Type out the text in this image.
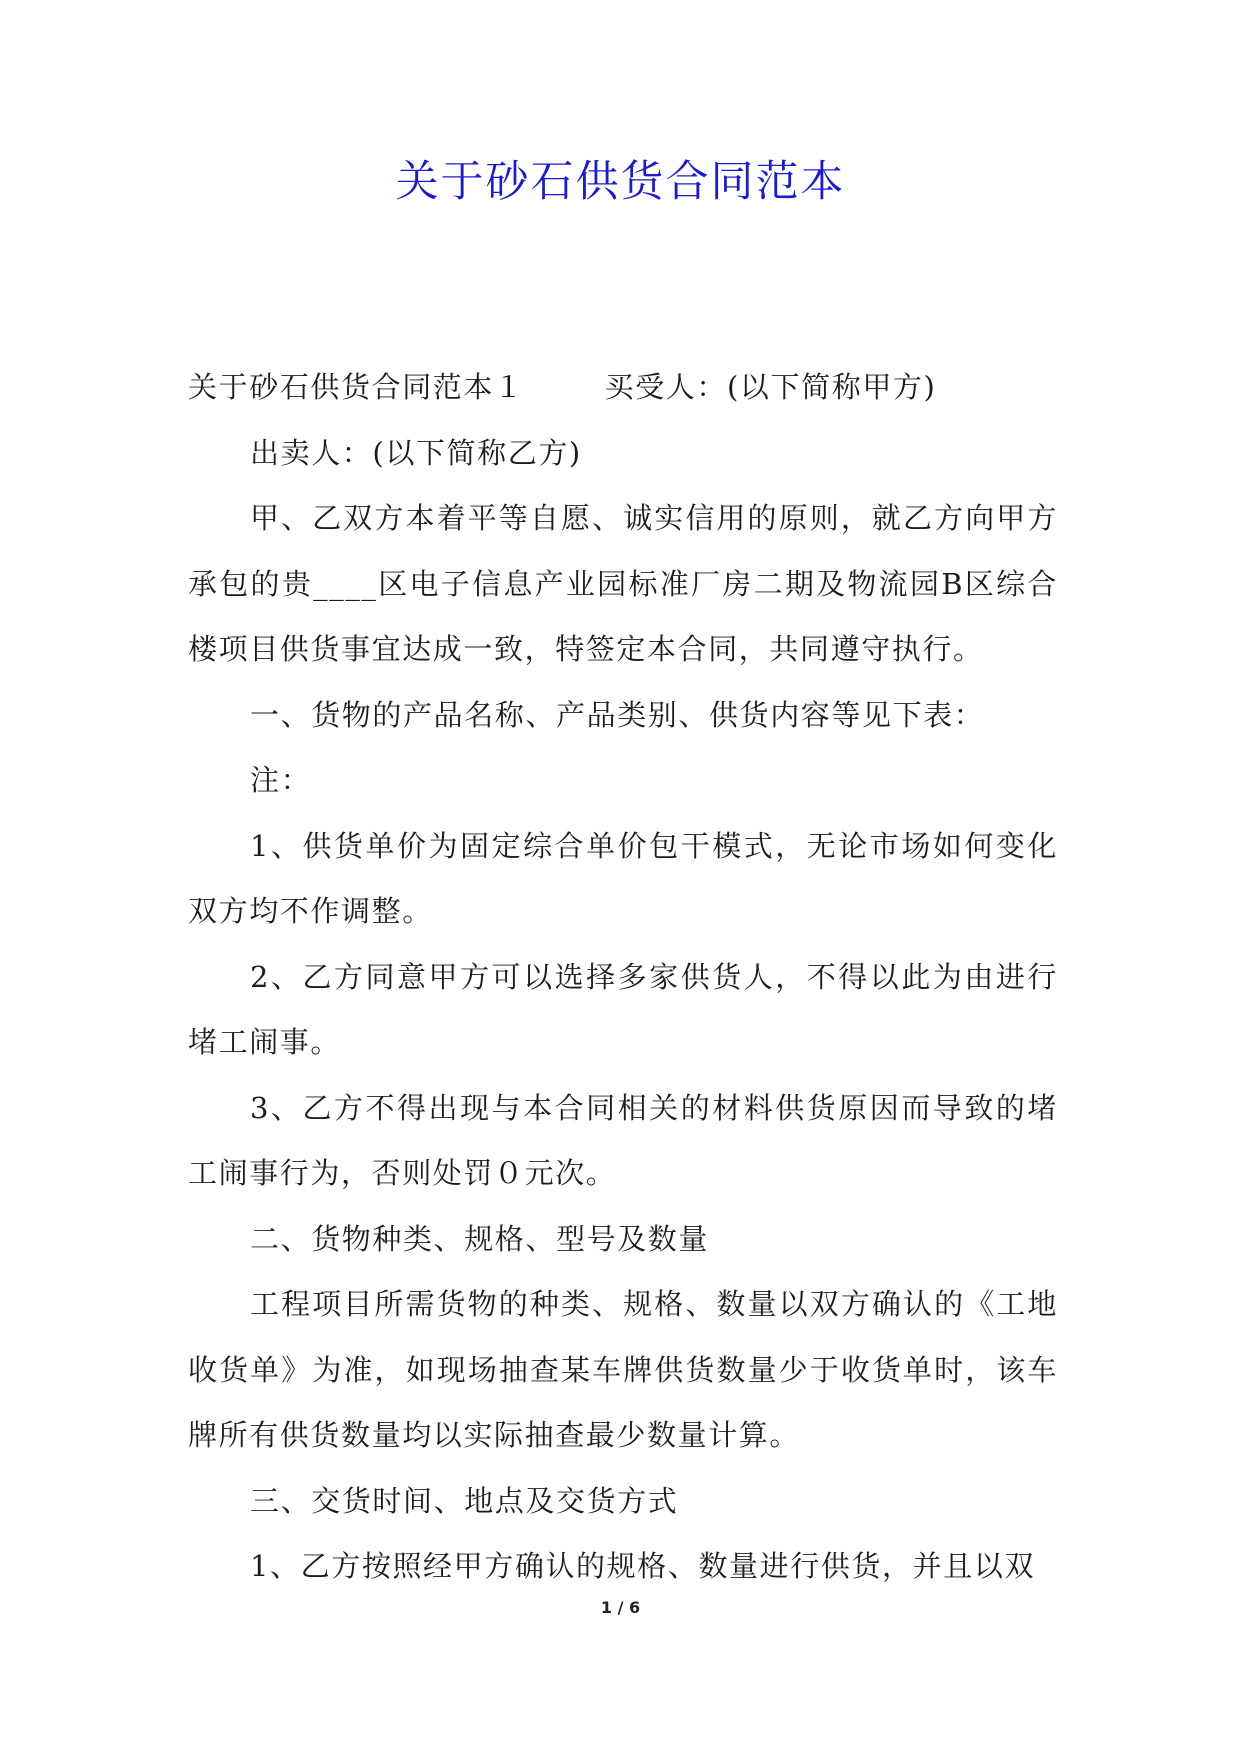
关于砂石供货合同范本

关于砂石供货合同范本１	买受人：(以下简称甲方)

出卖人：(以下简称乙方)

甲、乙双方本着平等自愿、诚实信用的原则，就乙方向甲方承包的贵____区电子信息产业园标准厂房二期及物流园B区综合楼项目供货事宜达成一致，特签定本合同，共同遵守执行。

一、货物的产品名称、产品类别、供货内容等见下表：

注：

1、供货单价为固定综合单价包干模式，无论市场如何变化双方均不作调整。

2、乙方同意甲方可以选择多家供货人，不得以此为由进行堵工闹事。

3、乙方不得出现与本合同相关的材料供货原因而导致的堵工闹事行为，否则处罚０元次。

二、货物种类、规格、型号及数量

工程项目所需货物的种类、规格、数量以双方确认的《工地收货单》为准，如现场抽查某车牌供货数量少于收货单时，该车牌所有供货数量均以实际抽查最少数量计算。

三、交货时间、地点及交货方式

1、乙方按照经甲方确认的规格、数量进行供货，并且以双

1 / 6
